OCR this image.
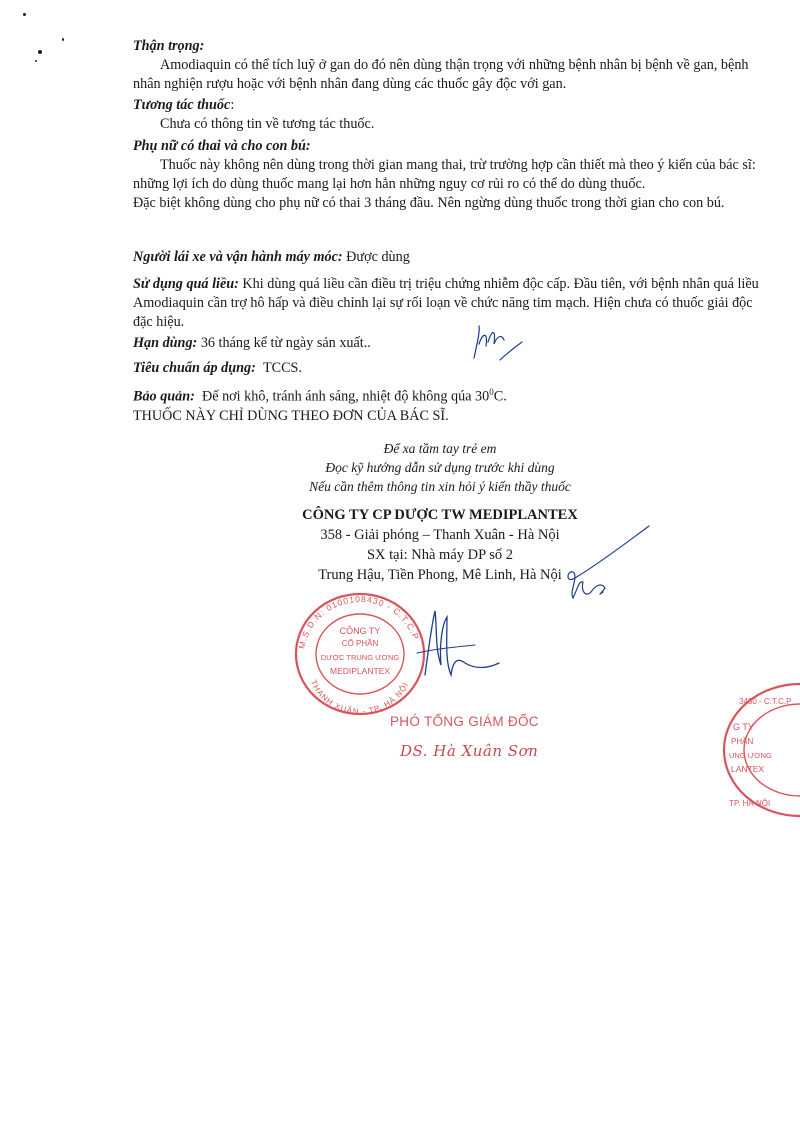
Thận trọng:
Amodiaquin có thể tích luỹ ở gan do đó nên dùng thận trọng với những bệnh nhân bị bệnh về gan, bệnh nhân nghiện rượu hoặc với bệnh nhân đang dùng các thuốc gây độc với gan.
Tương tác thuốc:
Chưa có thông tin về tương tác thuốc.
Phụ nữ có thai và cho con bú:
Thuốc này không nên dùng trong thời gian mang thai, trừ trường hợp cần thiết mà theo ý kiến của bác sĩ: những lợi ích do dùng thuốc mang lại hơn hẳn những nguy cơ rủi ro có thể do dùng thuốc.
Đặc biệt không dùng cho phụ nữ có thai 3 tháng đầu. Nên ngừng dùng thuốc trong thời gian cho con bú.
Người lái xe và vận hành máy móc: Được dùng
Sử dụng quá liều: Khi dùng quá liều cần điều trị triệu chứng nhiễm độc cấp. Đầu tiên, với bệnh nhân quá liều Amodiaquin cần trợ hô hấp và điều chỉnh lại sự rối loạn về chức năng tim mạch. Hiện chưa có thuốc giải độc đặc hiệu.
Hạn dùng: 36 tháng kể từ ngày sản xuất..
Tiêu chuẩn áp dụng: TCCS.
Bảo quản: Để nơi khô, tránh ánh sáng, nhiệt độ không qúa $30^0C$.
THUỐC NÀY CHỈ DÙNG THEO ĐƠN CỦA BÁC SĨ.
Để xa tầm tay trẻ em
Đọc kỹ hướng dẫn sử dụng trước khi dùng
Nếu cần thêm thông tin xin hỏi ý kiến thầy thuốc
CÔNG TY CP DƯỢC TW MEDIPLANTEX
358 - Giải phóng – Thanh Xuân - Hà Nội
SX tại: Nhà máy DP số 2
Trung Hậu, Tiền Phong, Mê Linh, Hà Nội
M.S.D.N: 0100108430 - C.T.C.P
THANH XUÂN - TP. HÀ NỘI
CÔNG TY
CỔ PHẦN
DƯỢC TRUNG ƯƠNG
MEDIPLANTEX
PHÓ TỔNG GIÁM ĐỐC
DS. Hà Xuân Sơn
3430 - C.T.C.P
TP. HÀ NỘI
G TY
PHẦN
UNG ƯƠNG
LANTEX
